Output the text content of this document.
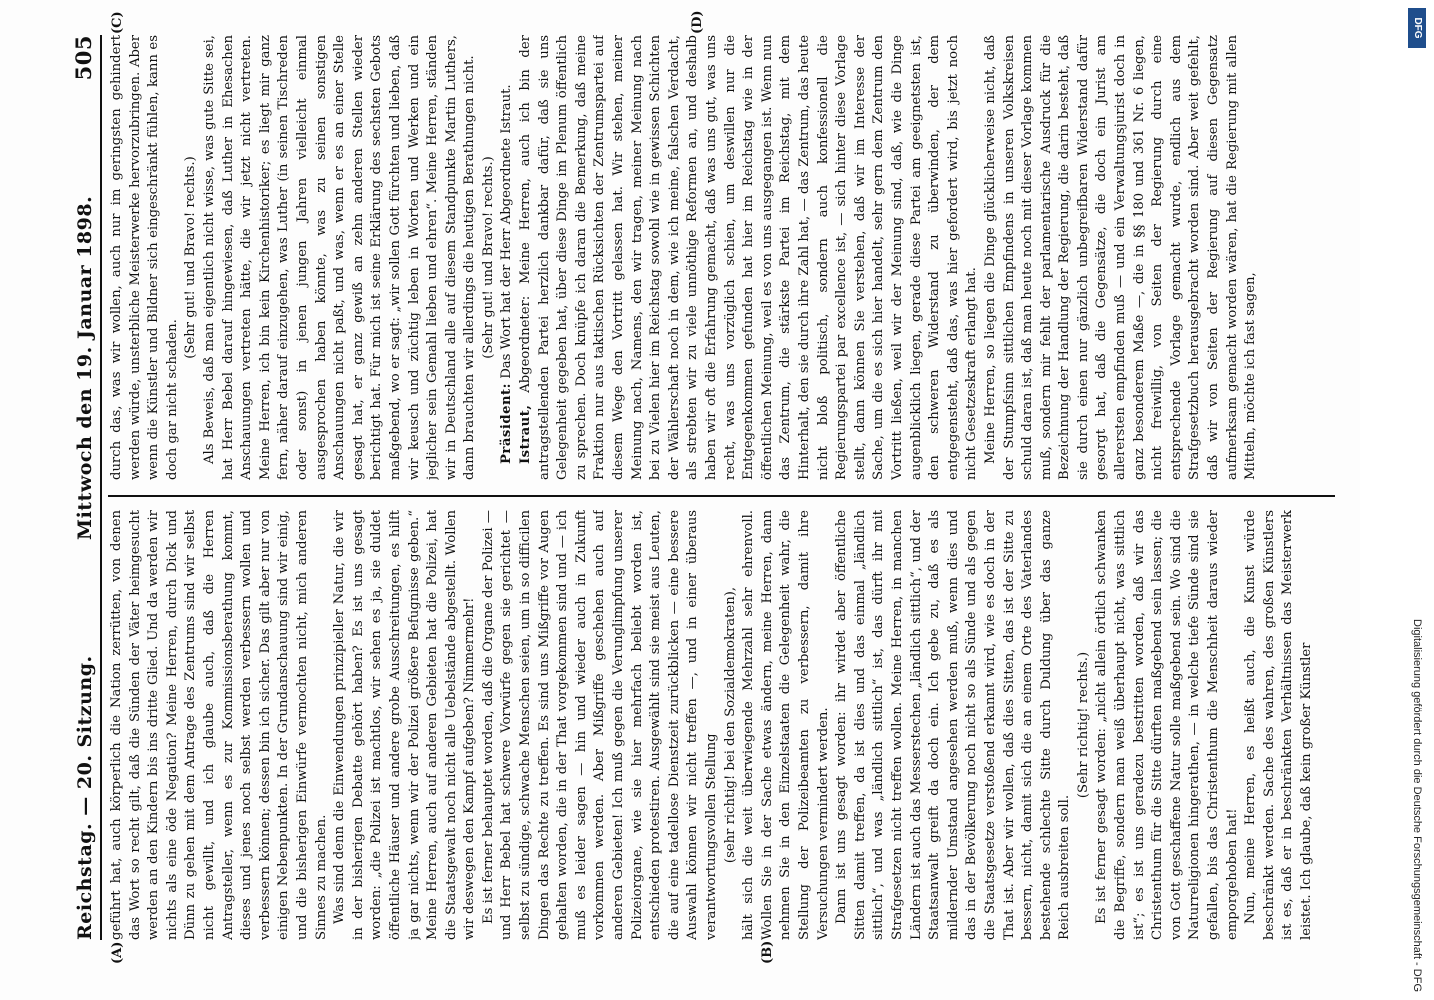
Reichstag. — 20. Sitzung.
Mittwoch den 19. Januar 1898.
505
(A)	(B)
(C)	(D)

geführt hat, auch körperlich die Nation zerrütten, von denen das Wort so recht gilt, daß die Sünden der Väter heimgesucht werden an den Kindern bis ins dritte Glied. Und da werden wir nichts als eine öde Negation? Meine Herren, durch Dick und Dünn zu gehen mit dem Antrage des Zentrums sind wir selbst nicht gewillt, und ich glaube auch, daß die Herren Antragsteller, wenn es zur Kommissionsberathung kommt, dieses und jenes noch selbst werden verbessern wollen und verbessern können; dessen bin ich sicher. Das gilt aber nur von einigen Nebenpunkten. In der Grundanschauung sind wir einig, und die bisherigen Einwürfe vermochten nicht, mich anderen Sinnes zu machen. Was sind denn die Einwendungen prinzipieller Natur, die wir in der bisherigen Debatte gehört haben? Es ist uns gesagt worden: „die Polizei ist machtlos, wir sehen es ja, sie duldet öffentliche Häuser und andere grobe Ausschreitungen, es hilft ja gar nichts, wenn wir der Polizei größere Befugnisse geben.“ Meine Herren, auch auf anderen Gebieten hat die Polizei, hat die Staatsgewalt noch nicht alle Uebelstände abgestellt. Wollen wir deswegen den Kampf aufgeben? Nimmermehr! Es ist ferner behauptet worden, daß die Organe der Polizei — und Herr Bebel hat schwere Vorwürfe gegen sie gerichtet — selbst zu sündige, schwache Menschen seien, um in so difficilen Dingen das Rechte zu treffen. Es sind uns Mißgriffe vor Augen gehalten worden, die in der That vorgekommen sind und — ich muß es leider sagen — hin und wieder auch in Zukunft vorkommen werden. Aber Mißgriffe geschehen auch auf anderen Gebieten! Ich muß gegen die Verunglimpfung unserer Polizeiorgane, wie sie hier mehrfach beliebt worden ist, entschieden protestiren. Ausgewählt sind sie meist aus Leuten, die auf eine tadellose Dienstzeit zurückblicken — eine bessere Auswahl können wir nicht treffen —, und in einer überaus verantwortungsvollen Stellung (sehr richtig! bei den Sozialdemokraten), hält sich die weit überwiegende Mehrzahl sehr ehrenvoll. Wollen Sie in der Sache etwas ändern, meine Herren, dann nehmen Sie in den Einzelstaaten die Gelegenheit wahr, die Stellung der Polizeibeamten zu verbessern, damit ihre Versuchungen vermindert werden. Dann ist uns gesagt worden: ihr wirdet aber öffentliche Sitten damit treffen, da ist dies und das einmal „ländlich sittlich“, und was „ländlich sittlich“ ist, das dürft ihr mit Strafgesetzen nicht treffen wollen. Meine Herren, in manchen Ländern ist auch das Messerstechen „ländlich sittlich“, und der Staatsanwalt greift da doch ein. Ich gebe zu, daß es als mildernder Umstand angesehen werden muß, wenn dies und das in der Bevölkerung noch nicht so als Sünde und als gegen die Staatsgesetze verstoßend erkannt wird, wie es doch in der That ist. Aber wir wollen, daß dies Sitten, das ist der Sitte zu bessern, nicht, damit sich die an einem Orte des Vaterlandes bestehende schlechte Sitte durch Duldung über das ganze Reich ausbreiten soll.

(Sehr richtig! rechts.) Es ist ferner gesagt worden: „nicht allein örtlich schwanken die Begriffe, sondern man weiß überhaupt nicht, was sittlich ist“; es ist uns geradezu bestritten worden, daß wir das Christenthum für die Sitte dürften maßgebend sein lassen; die von Gott geschaffene Natur solle maßgebend sein. Wo sind die Naturreligionen hingerathen, — in welche tiefe Sünde sind sie gefallen, bis das Christenthum die Menschheit daraus wieder emporgehoben hat! Nun, meine Herren, es heißt auch, die Kunst würde beschränkt werden. Sache des wahren, des großen Künstlers ist es, daß er in beschränkten Verhältnissen das Meisterwerk leistet. Ich glaube, daß kein großer Künstler

durch das, was wir wollen, auch nur im geringsten gehindert werden würde, unsterbliche Meisterwerke hervorzubringen. Aber wenn die Künstler und Bildner sich eingeschränkt fühlen, kann es doch gar nicht schaden.

(Sehr gut! und Bravo! rechts.) Als Beweis, daß man eigentlich nicht wisse, was gute Sitte sei, hat Herr Bebel darauf hingewiesen, daß Luther in Ehesachen Anschauungen vertreten hätte, die wir jetzt nicht vertreten. Meine Herren, ich bin kein Kirchenhistoriker; es liegt mir ganz fern, näher darauf einzugehen, was Luther (in seinen Tischreden oder sonst) in jenen jungen Jahren vielleicht einmal ausgesprochen haben könnte, was zu seinen sonstigen Anschauungen nicht paßt, und was, wenn er es an einer Stelle gesagt hat, er ganz gewiß an zehn anderen Stellen wieder berichtigt hat. Für mich ist seine Erklärung des sechsten Gebots maßgebend, wo er sagt: „wir sollen Gott fürchten und lieben, daß wir keusch und züchtig leben in Worten und Werken und ein jeglicher sein Gemahl lieben und ehren“. Meine Herren, ständen wir in Deutschland alle auf diesem Standpunkte Martin Luthers, dann brauchten wir allerdings die heutigen Berathungen nicht. (Sehr gut! und Bravo! rechts.)

Präsident: Das Wort hat der Herr Abgeordnete Istraut.

Istraut, Abgeordneter: Meine Herren, auch ich bin der antragstellenden Partei herzlich dankbar dafür, daß sie uns Gelegenheit gegeben hat, über diese Dinge im Plenum öffentlich zu sprechen. Doch knüpfe ich daran die Bemerkung, daß meine Fraktion nur aus taktischen Rücksichten der Zentrumspartei auf diesem Wege den Vortritt gelassen hat. Wir stehen, meiner Meinung nach, Namens, den wir tragen, meiner Meinung nach bei zu Vielen hier im Reichstag sowohl wie in gewissen Schichten der Wählerschaft noch in dem, wie ich meine, falschen Verdacht, als strebten wir zu viele unnöthige Reformen an, und deshalb haben wir oft die Erfahrung gemacht, daß was uns gut, was uns recht, was uns vorzüglich schien, um deswillen nur die Entgegenkommen gefunden hat hier im Reichstag wie in der öffentlichen Meinung, weil es von uns ausgegangen ist. Wenn nun das Zentrum, die stärkste Partei im Reichstag, mit dem Hinterhalt, den sie durch ihre Zahl hat, — das Zentrum, das heute nicht bloß politisch, sondern auch konfessionell die Regierungspartei par excellence ist, — sich hinter diese Vorlage stellt, dann können Sie verstehen, daß wir im Interesse der Sache, um die es sich hier handelt, sehr gern dem Zentrum den Vortritt ließen, weil wir der Meinung sind, daß, wie die Dinge augenblicklich liegen, gerade diese Partei am geeignetsten ist, den schweren Widerstand zu überwinden, der dem entgegensteht, daß das, was hier gefordert wird, bis jetzt noch nicht Gesetzeskraft erlangt hat. Meine Herren, so liegen die Dinge glücklicherweise nicht, daß der Stumpfsinn sittlichen Empfindens in unseren Volkskreisen schuld daran ist, daß man heute noch mit dieser Vorlage kommen muß, sondern mir fehlt der parlamentarische Ausdruck für die Bezeichnung der Handlung der Regierung, die darin besteht, daß sie durch einen nur gänzlich unbegreifbaren Widerstand dafür gesorgt hat, daß die Gegensätze, die doch ein Jurist am allerersten empfinden muß — und ein Verwaltungsjurist doch in ganz besonderem Maße —, die in §§ 180 und 361 Nr. 6 liegen, nicht freiwillig, von Seiten der Regierung durch eine entsprechende Vorlage gemacht wurde, endlich aus dem Strafgesetzbuch herausgebracht worden sind. Aber weit gefehlt, daß wir von Seiten der Regierung auf diesen Gegensatz aufmerksam gemacht worden wären, hat die Regierung mit allen Mitteln, möchte ich fast sagen,

Digitalisierung gefördert durch die Deutsche Forschungsgemeinschaft - DFG
DFG
